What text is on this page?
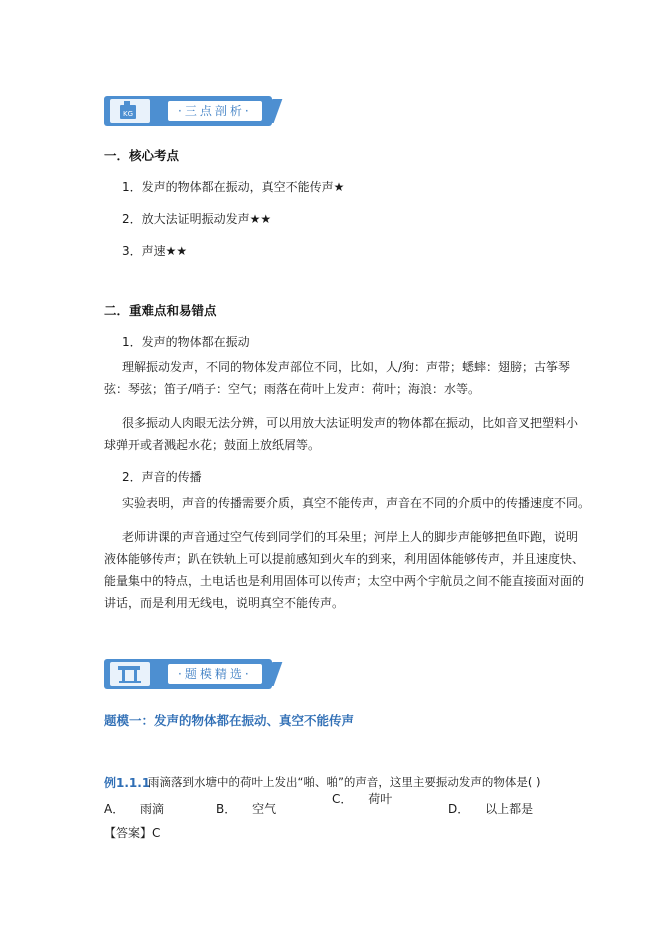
KG	·三点剖析·
一．核心考点
1．发声的物体都在振动，真空不能传声★
2．放大法证明振动发声★★
3．声速★★
二．重难点和易错点
1．发声的物体都在振动
理解振动发声，不同的物体发声部位不同，比如，人/狗：声带；蟋蟀：翅膀；古筝琴
弦：琴弦；笛子/哨子：空气；雨落在荷叶上发声：荷叶；海浪：水等。
很多振动人肉眼无法分辨，可以用放大法证明发声的物体都在振动，比如音叉把塑料小
球弹开或者溅起水花；鼓面上放纸屑等。
2．声音的传播
实验表明，声音的传播需要介质，真空不能传声，声音在不同的介质中的传播速度不同。
老师讲课的声音通过空气传到同学们的耳朵里；河岸上人的脚步声能够把鱼吓跑，说明
液体能够传声；趴在铁轨上可以提前感知到火车的到来，利用固体能够传声，并且速度快、
能量集中的特点，土电话也是利用固体可以传声；太空中两个宇航员之间不能直接面对面的
讲话，而是利用无线电，说明真空不能传声。
·题模精选·
题模一：发声的物体都在振动、真空不能传声
例1.1.1
雨滴落到水塘中的荷叶上发出“啪、啪”的声音，这里主要振动发声的物体是( )
A． 雨滴	B． 空气
C． 荷叶
D． 以上都是
【答案】C
